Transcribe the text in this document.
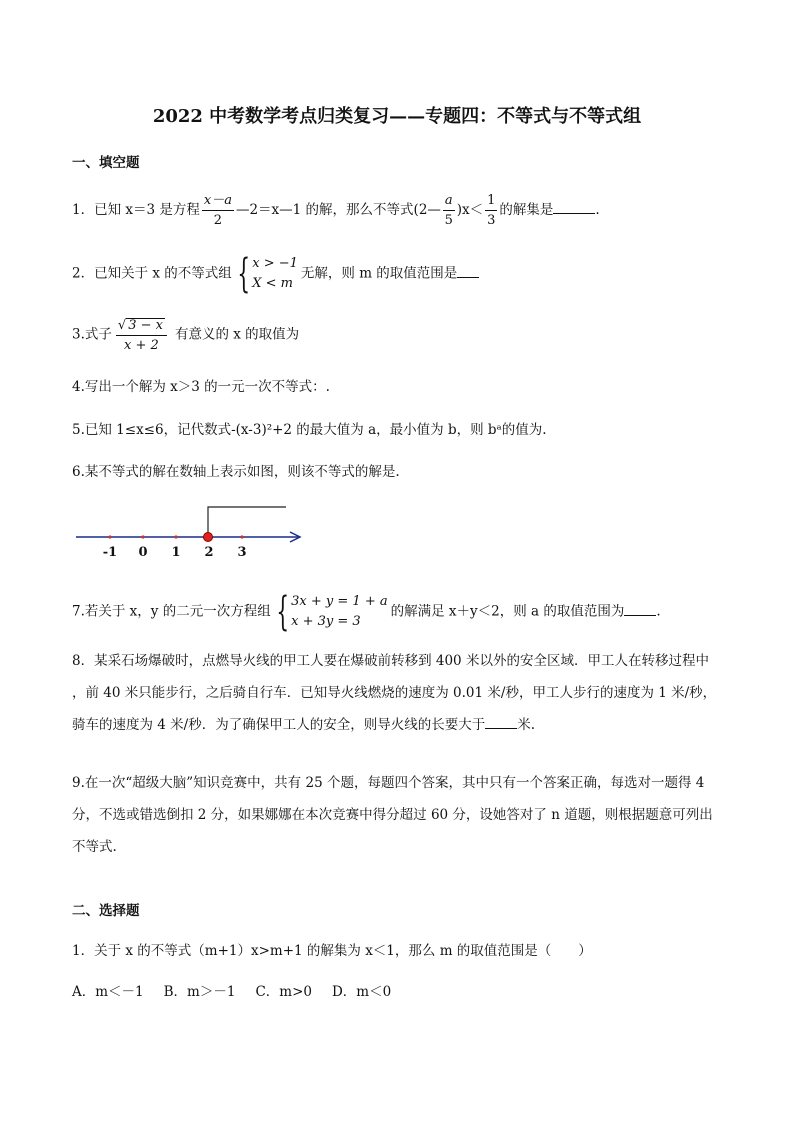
2022 中考数学考点归类复习——专题四：不等式与不等式组
一、填空题
1．已知 x＝3 是方程 $\frac{x-a}{2}$ —2＝x—1 的解，那么不等式(2— $\frac{a}{5} )x< \frac{1}{3}$ 的解集是	.
2．已知关于 x 的不等式组 { x > −1
X < m
无解，则 m 的取值范围是
3.式子 $\frac{√ 3 - x}{x + 2}$ 有意义的 x 的取值为
4.写出一个解为 x＞3 的一元一次不等式：.
5.已知 1≤x≤6，记代数式-(x-3)²+2 的最大值为 a，最小值为 b，则 bᵃ的值为.
6.某不等式的解在数轴上表示如图，则该不等式的解是.
-1 0 1 2 3
7.若关于 x，y 的二元一次方程组 { 3x + y = 1 + a
x + 3y = 3
的解满足 x＋y＜2，则 a 的取值范围为 .
8．某采石场爆破时，点燃导火线的甲工人要在爆破前转移到 400 米以外的安全区域．甲工人在转移过程中
，前 40 米只能步行，之后骑自行车．已知导火线燃烧的速度为 0.01 米/秒，甲工人步行的速度为 1 米/秒，
骑车的速度为 4 米/秒．为了确保甲工人的安全，则导火线的长要大于 米.
9.在一次“超级大脑”知识竞赛中，共有 25 个题，每题四个答案，其中只有一个答案正确，每选对一题得 4
分，不选或错选倒扣 2 分，如果娜娜在本次竞赛中得分超过 60 分，设她答对了 n 道题，则根据题意可列出
不等式.
二、选择题
1．关于 x 的不等式（m+1）x>m+1 的解集为 x＜1，那么 m 的取值范围是（　　）
A．m＜－1 B．m＞－1 C．m>0 D．m＜0
